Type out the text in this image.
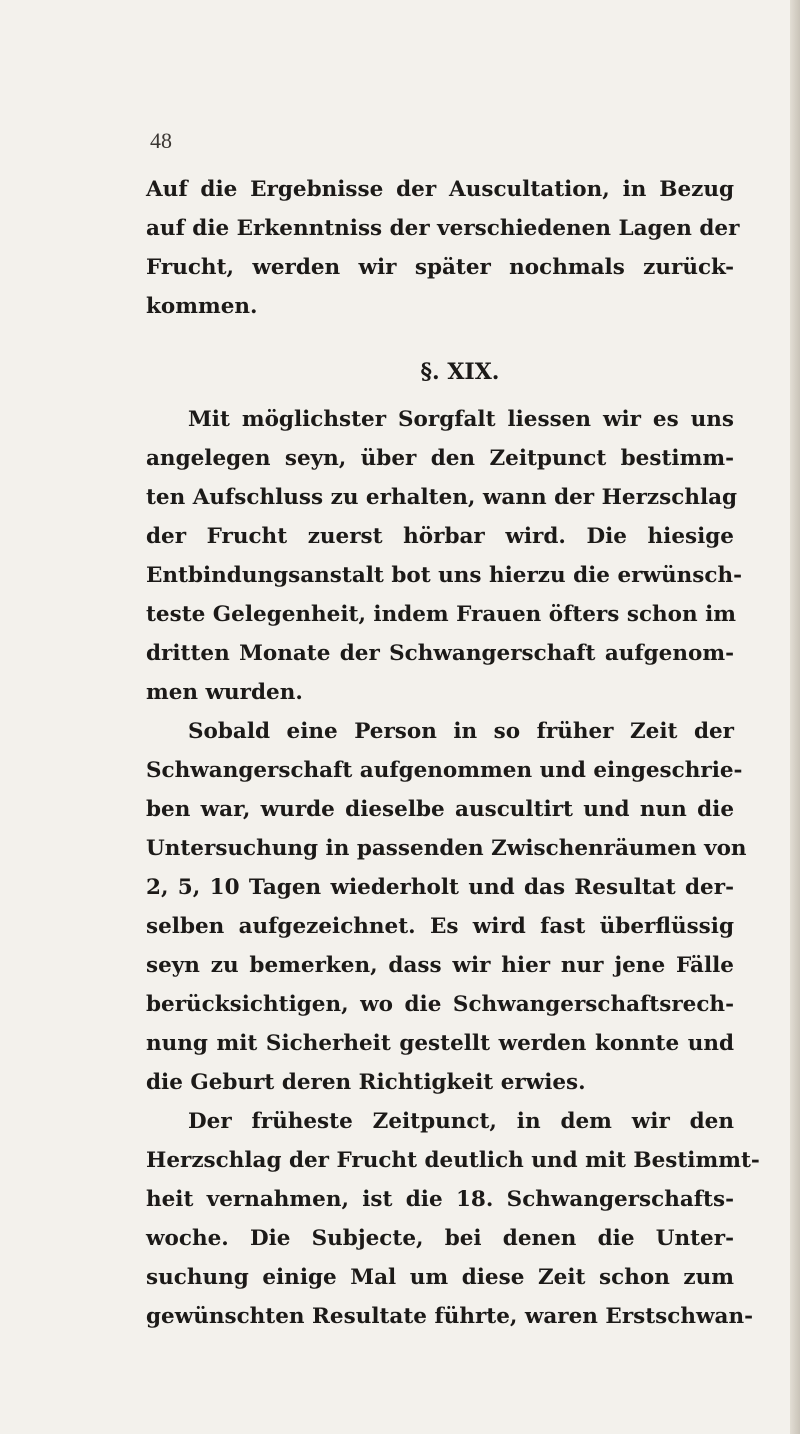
48
Auf die Ergebnisse der Auscultation, in Bezug
auf die Erkenntniss der verschiedenen Lagen der
Frucht, werden wir später nochmals zurück-
kommen.
§. XIX.
Mit möglichster Sorgfalt liessen wir es uns
angelegen seyn, über den Zeitpunct bestimm-
ten Aufschluss zu erhalten, wann der Herzschlag
der Frucht zuerst hörbar wird. Die hiesige
Entbindungsanstalt bot uns hierzu die erwünsch-
teste Gelegenheit, indem Frauen öfters schon im
dritten Monate der Schwangerschaft aufgenom-
men wurden.
Sobald eine Person in so früher Zeit der
Schwangerschaft aufgenommen und eingeschrie-
ben war, wurde dieselbe auscultirt und nun die
Untersuchung in passenden Zwischenräumen von
2, 5, 10 Tagen wiederholt und das Resultat der-
selben aufgezeichnet. Es wird fast überflüssig
seyn zu bemerken, dass wir hier nur jene Fälle
berücksichtigen, wo die Schwangerschaftsrech-
nung mit Sicherheit gestellt werden konnte und
die Geburt deren Richtigkeit erwies.
Der früheste Zeitpunct, in dem wir den
Herzschlag der Frucht deutlich und mit Bestimmt-
heit vernahmen, ist die 18. Schwangerschafts-
woche. Die Subjecte, bei denen die Unter-
suchung einige Mal um diese Zeit schon zum
gewünschten Resultate führte, waren Erstschwan-
